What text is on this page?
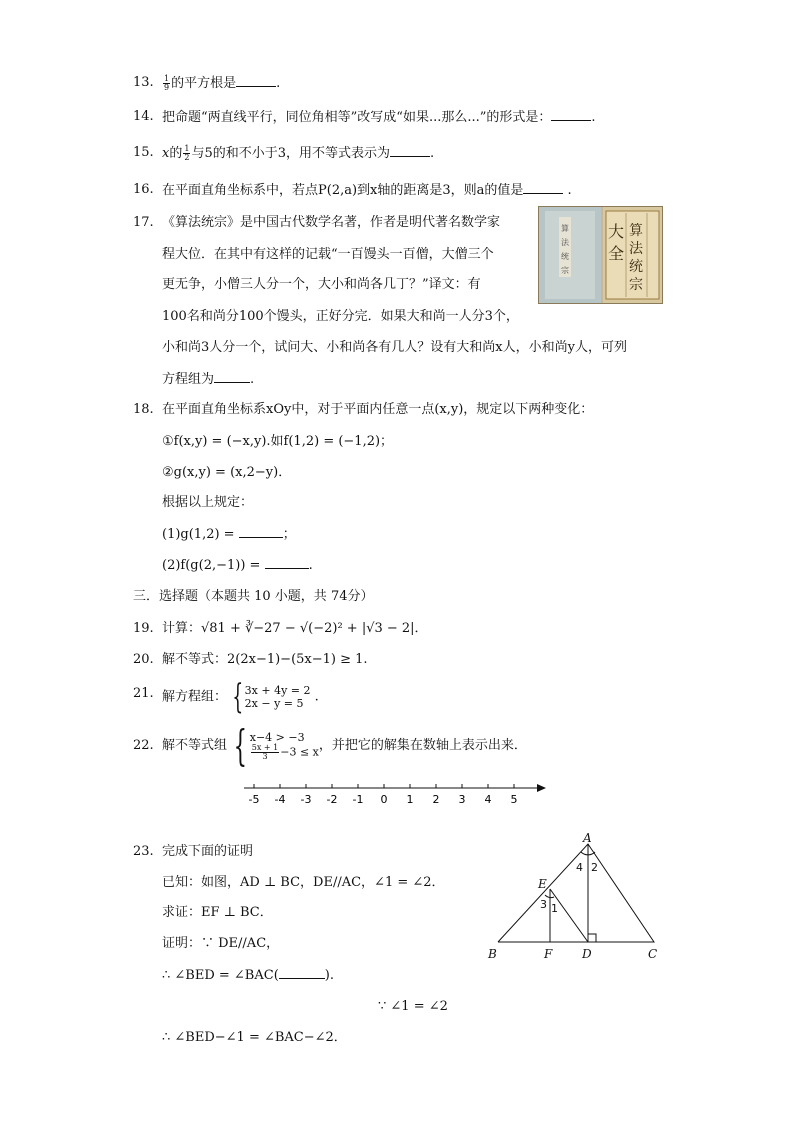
13. $\frac{1}{9}$ 的平方根是	.
14. 把命题“两直线平行，同位角相等”改写成“如果...那么...”的形式是：	.
15. x的 $\frac{1}{2}$ 与5的和不小于3，用不等式表示为	.
16. 在平面直角坐标系中，若点P(2,a)到x轴的距离是3，则a的值是	.
17. 《算法统宗》是中国古代数学名著，作者是明代著名数学家
程大位．在其中有这样的记载“一百馒头一百僧，大僧三个
更无争，小僧三人分一个，大小和尚各几丁？”译文：有
100名和尚分100个馒头，正好分完．如果大和尚一人分3个，
小和尚3人分一个，试问大、小和尚各有几人？设有大和尚x人，小和尚y人，可列
方程组为	.
算
法
统
宗
大
全
算
法
统
宗
18. 在平面直角坐标系xOy中，对于平面内任意一点(x,y)，规定以下两种变化：
①f(x,y) = (−x,y).如f(1,2) = (−1,2)；
②g(x,y) = (x,2−y)．
根据以上规定：
(1)g(1,2) =	；
(2)f(g(2,−1)) =	.
三．选择题（本题共 10 小题，共 74分）
19. 计算：√81 + ∛−27 − √(−2)² + |√3 − 2|．
20. 解不等式：2(2x−1)−(5x−1) ≥ 1.
21. 解方程组： { 3x + 4y = 2
2x − y = 5 .
22. 解不等式组 { x−4 > −3
$\frac{5x + 1}{3} -3 \le x$ ，并把它的解集在数轴上表示出来．
-5 -4 -3 -2 -1 0 1 2 3 4 5
23. 完成下面的证明
已知：如图，AD ⊥ BC，DE//AC，∠1 = ∠2．
求证：EF ⊥ BC．
证明：∵ DE//AC，
∴ ∠BED = ∠BAC(	).
∵ ∠1 = ∠2
∴ ∠BED−∠1 = ∠BAC−∠2．
A
B	C
D
E
F
2
4
1
3
